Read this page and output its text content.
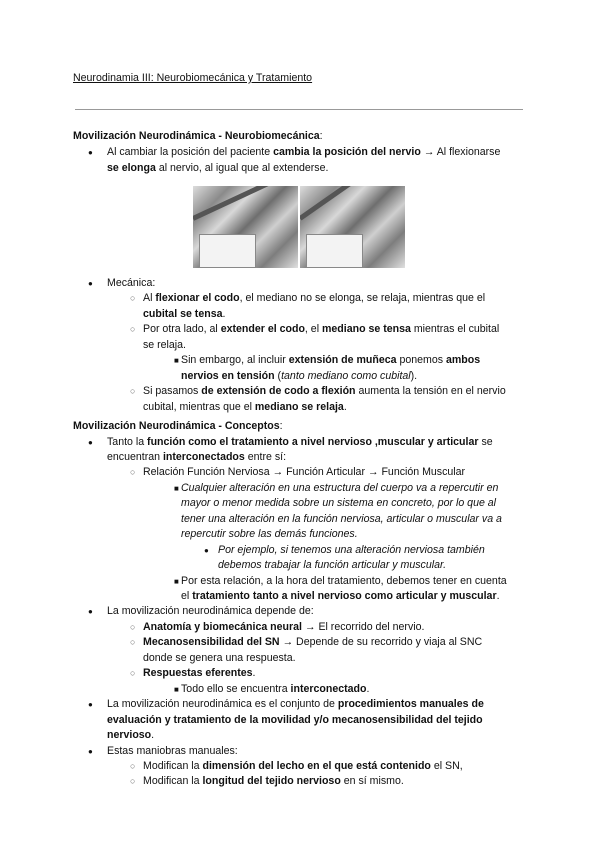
Neurodinamia III: Neurobiomecánica y Tratamiento
Movilización Neurodinámica - Neurobiomecánica:
● Al cambiar la posición del paciente cambia la posición del nervio → Al flexionarse
se elonga al nervio, al igual que al extenderse.
● Mecánica:
○ Al flexionar el codo, el mediano no se elonga, se relaja, mientras que el
cubital se tensa.
○ Por otra lado, al extender el codo, el mediano se tensa mientras el cubital
se relaja.
■ Sin embargo, al incluir extensión de muñeca ponemos ambos
nervios en tensión (tanto mediano como cubital).
○ Si pasamos de extensión de codo a flexión aumenta la tensión en el nervio
cubital, mientras que el mediano se relaja.
Movilización Neurodinámica - Conceptos:
● Tanto la función como el tratamiento a nivel nervioso ,muscular y articular se
encuentran interconectados entre sí:
○ Relación Función Nerviosa → Función Articular → Función Muscular
■ Cualquier alteración en una estructura del cuerpo va a repercutir en
mayor o menor medida sobre un sistema en concreto, por lo que al
tener una alteración en la función nerviosa, articular o muscular va a
repercutir sobre las demás funciones.
● Por ejemplo, si tenemos una alteración nerviosa también
debemos trabajar la función articular y muscular.
■ Por esta relación, a la hora del tratamiento, debemos tener en cuenta
el tratamiento tanto a nivel nervioso como articular y muscular.
● La movilización neurodinámica depende de:
○ Anatomía y biomecánica neural → El recorrido del nervio.
○ Mecanosensibilidad del SN → Depende de su recorrido y viaja al SNC
donde se genera una respuesta.
○ Respuestas eferentes.
■ Todo ello se encuentra interconectado.
● La movilización neurodinámica es el conjunto de procedimientos manuales de
evaluación y tratamiento de la movilidad y/o mecanosensibilidad del tejido
nervioso.
● Estas maniobras manuales:
○ Modifican la dimensión del lecho en el que está contenido el SN,
○ Modifican la longitud del tejido nervioso en sí mismo.
